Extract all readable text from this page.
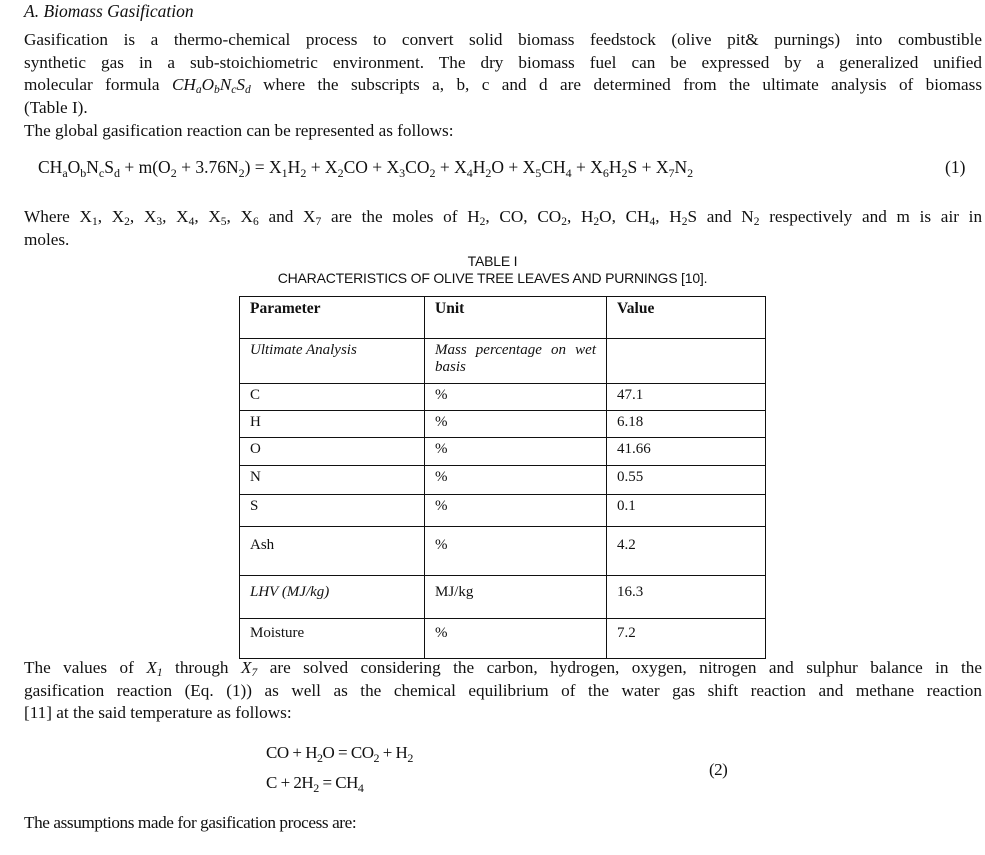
A. Biomass Gasification
Gasification is a thermo-chemical process to convert solid biomass feedstock (olive pit& purnings) into combustible
synthetic gas in a sub-stoichiometric environment. The dry biomass fuel can be expressed by a generalized unified
molecular formula $CH_aO_bN_cS_d$ where the subscripts a, b, c and d are determined from the ultimate analysis of biomass
(Table I).
The global gasification reaction can be represented as follows:
$CH_aO_bN_cS_d + m(O_2 + 3.76N_2) = X_1H_2 + X_2CO + X_3CO_2 + X_4H_2O + X_5CH_4 + X_6H_2S + X_7N_2$	(1)
Where $X_1$, $X_2$, $X_3$, $X_4$, $X_5$, $X_6$ and $X_7$ are the moles of $H_2$, CO, $CO_2$, $H_2O$, $CH_4$, $H_2S$ and $N_2$ respectively and m is air in
moles.
TABLE I
CHARACTERISTICS OF OLIVE TREE LEAVES AND PURNINGS [10].
Parameter	Unit	Value
Ultimate Analysis	Mass percentage on wet basis	
C	%	47.1
H	%	6.18
O	%	41.66
N	%	0.55
S	%	0.1
Ash	%	4.2
LHV (MJ/kg)	MJ/kg	16.3
Moisture	%	7.2
The values of $X_1$ through $X_7$ are solved considering the carbon, hydrogen, oxygen, nitrogen and sulphur balance in the
gasification reaction (Eq. (1)) as well as the chemical equilibrium of the water gas shift reaction and methane reaction
[11] at the said temperature as follows:
CO + $H_2O = CO_2 + H_2$
$C + 2H_2 = CH_4$
(2)
The assumptions made for gasification process are:
